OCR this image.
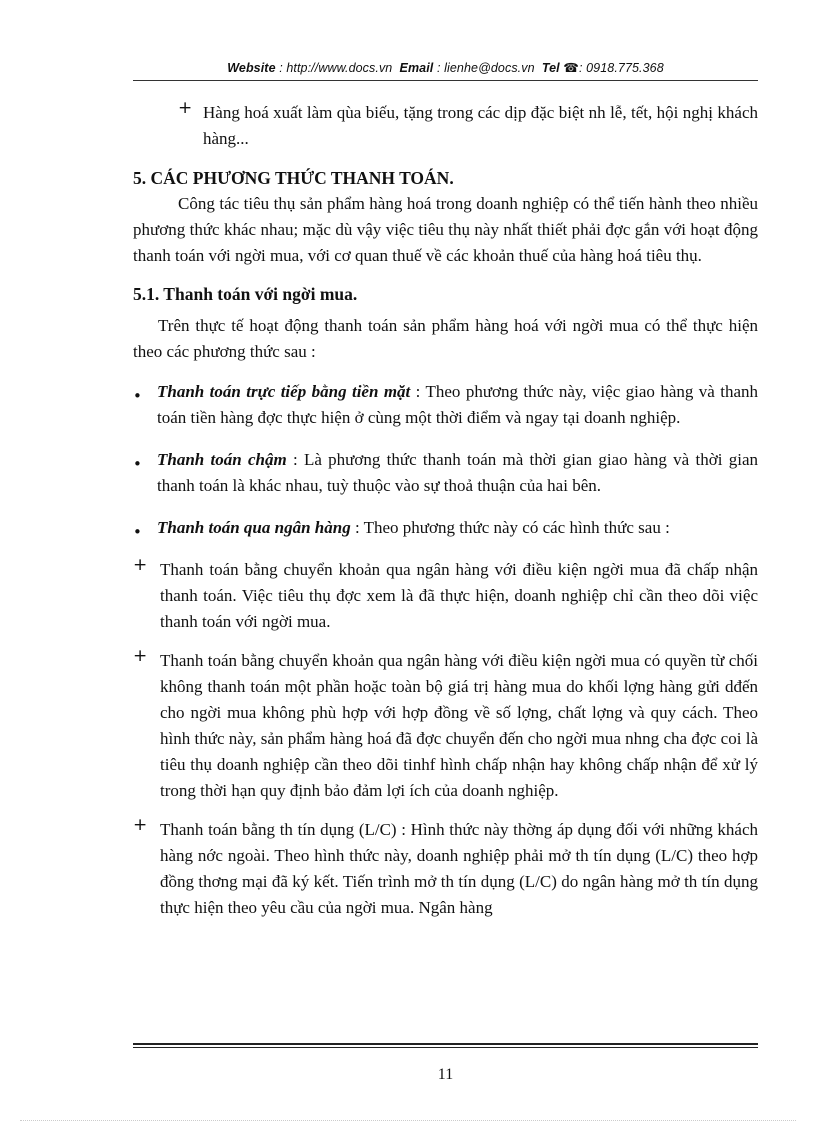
Website : http://www.docs.vn Email : lienhe@docs.vn Tel ☎: 0918.775.368
+ Hàng hoá xuất làm qùa biếu, tặng trong các dịp đặc biệt nh lễ, tết, hội nghị khách hàng...
5. CÁC PHƯƠNG THỨC THANH TOÁN.

Công tác tiêu thụ sản phẩm hàng hoá trong doanh nghiệp có thể tiến hành theo nhiều phương thức khác nhau; mặc dù vậy việc tiêu thụ này nhất thiết phải đợc gắn với hoạt động thanh toán với ngời mua, với cơ quan thuế về các khoản thuế của hàng hoá tiêu thụ.

5.1. Thanh toán với ngời mua.

Trên thực tế hoạt động thanh toán sản phẩm hàng hoá với ngời mua có thể thực hiện theo các phương thức sau :

• Thanh toán trực tiếp bằng tiền mặt : Theo phương thức này, việc giao hàng và thanh toán tiền hàng đợc thực hiện ở cùng một thời điểm và ngay tại doanh nghiệp.
• Thanh toán chậm : Là phương thức thanh toán mà thời gian giao hàng và thời gian thanh toán là khác nhau, tuỳ thuộc vào sự thoả thuận của hai bên.
• Thanh toán qua ngân hàng : Theo phương thức này có các hình thức sau :
+ Thanh toán bằng chuyển khoản qua ngân hàng với điều kiện ngời mua đã chấp nhận thanh toán. Việc tiêu thụ đợc xem là đã thực hiện, doanh nghiệp chỉ cần theo dõi việc thanh toán với ngời mua.
+ Thanh toán bằng chuyển khoản qua ngân hàng với điều kiện ngời mua có quyền từ chối không thanh toán một phần hoặc toàn bộ giá trị hàng mua do khối lợng hàng gửi dđến cho ngời mua không phù hợp với hợp đồng về số lợng, chất lợng và quy cách. Theo hình thức này, sản phẩm hàng hoá đã đợc chuyển đến cho ngời mua nhng cha đợc coi là tiêu thụ doanh nghiệp cần theo dõi tinhf hình chấp nhận hay không chấp nhận để xử lý trong thời hạn quy định bảo đảm lợi ích của doanh nghiệp.
+ Thanh toán bằng th tín dụng (L/C) : Hình thức này thờng áp dụng đối với những khách hàng nớc ngoài. Theo hình thức này, doanh nghiệp phải mở th tín dụng (L/C) theo hợp đồng thơng mại đã ký kết. Tiến trình mở th tín dụng (L/C) do ngân hàng mở th tín dụng thực hiện theo yêu cầu của ngời mua. Ngân hàng
11
